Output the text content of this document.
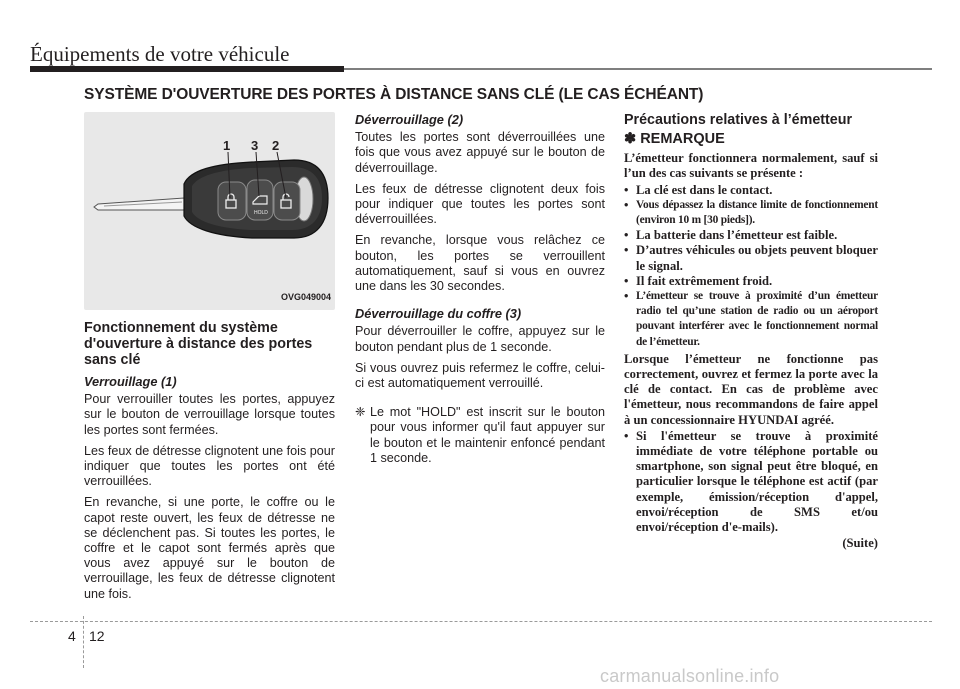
Équipements de votre véhicule
SYSTÈME D'OUVERTURE DES PORTES À DISTANCE SANS CLÉ (LE CAS ÉCHÉANT)
HOLD
1 3 2
OVG049004
Fonctionnement du système d'ouverture à distance des portes sans clé
Verrouillage (1)

Pour verrouiller toutes les portes, appuyez sur le bouton de verrouillage lorsque toutes les portes sont fermées.

Les feux de détresse clignotent une fois pour indiquer que toutes les portes ont été verrouillées.

En revanche, si une porte, le coffre ou le capot reste ouvert, les feux de détresse ne se déclenchent pas. Si toutes les portes, le coffre et le capot sont fermés après que vous avez appuyé sur le bouton de verrouillage, les feux de détresse clignotent une fois.

Déverrouillage (2)

Toutes les portes sont déverrouillées une fois que vous avez appuyé sur le bouton de déverrouillage.

Les feux de détresse clignotent deux fois pour indiquer que toutes les portes sont déverrouillées.

En revanche, lorsque vous relâchez ce bouton, les portes se verrouillent automatiquement, sauf si vous en ouvrez une dans les 30 secondes.

Déverrouillage du coffre (3)

Pour déverrouiller le coffre, appuyez sur le bouton pendant plus de 1 seconde.

Si vous ouvrez puis refermez le coffre, celui-ci est automatiquement verrouillé.

❈ Le mot "HOLD" est inscrit sur le bouton pour vous informer qu'il faut appuyer sur le bouton et le maintenir enfoncé pendant 1 seconde.
Précautions relatives à l’émetteur
✽ REMARQUE

L’émetteur fonctionnera normalement, sauf si l’un des cas suivants se présente :

• La clé est dans le contact.
• Vous dépassez la distance limite de fonctionnement (environ 10 m [30 pieds]).
• La batterie dans l’émetteur est faible.
• D’autres véhicules ou objets peuvent bloquer le signal.
• Il fait extrêmement froid.
• L’émetteur se trouve à proximité d’un émetteur radio tel qu’une station de radio ou un aéroport pouvant interférer avec le fonctionnement normal de l’émetteur.

Lorsque l’émetteur ne fonctionne pas correctement, ouvrez et fermez la porte avec la clé de contact. En cas de problème avec l'émetteur, nous recommandons de faire appel à un concessionnaire HYUNDAI agréé.

• Si l'émetteur se trouve à proximité immédiate de votre téléphone portable ou smartphone, son signal peut être bloqué, en particulier lorsque le téléphone est actif (par exemple, émission/réception d'appel, envoi/réception de SMS et/ou envoi/réception d'e-mails).
(Suite)
4 12
carmanualsonline.info
